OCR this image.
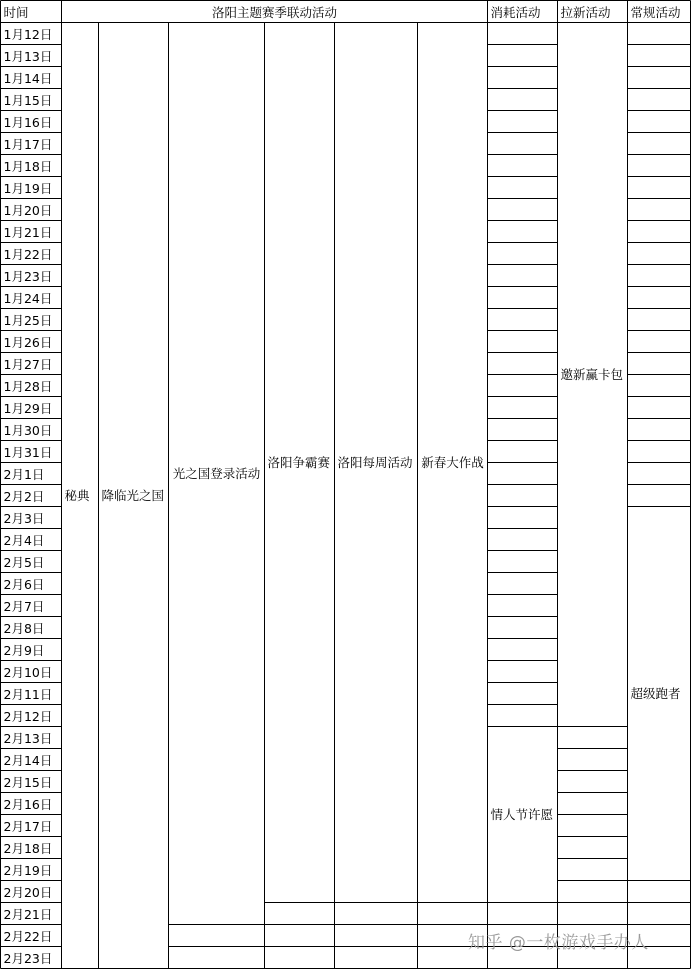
时间	洛阳主题赛季联动活动	消耗活动 拉新活动 常规活动
1月12日
1月13日
1月14日
1月15日
1月16日
1月17日
1月18日
1月19日
1月20日
1月21日
1月22日
1月23日
1月24日
1月25日
1月26日
1月27日
1月28日
1月29日
1月30日
1月31日
2月1日
2月2日
2月3日
2月4日
2月5日
2月6日
2月7日
2月8日
2月9日
2月10日
2月11日
2月12日
2月13日
2月14日
2月15日
2月16日
2月17日
2月18日
2月19日
2月20日
2月21日
2月22日
2月23日
秘典 降临光之国
光之国登录活动
洛阳争霸赛 洛阳每周活动 新春大作战
情人节许愿
邀新赢卡包
超级跑者
知乎 @一枚游戏手办人
